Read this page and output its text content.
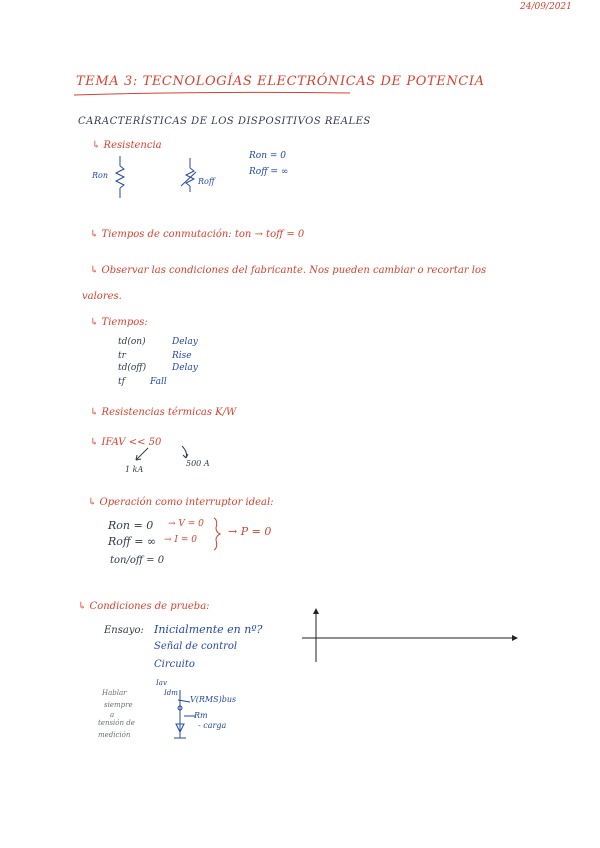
24/09/2021
TEMA 3: TECNOLOGÍAS ELECTRÓNICAS DE POTENCIA
CARACTERÍSTICAS DE LOS DISPOSITIVOS REALES
↳ Resistencia
Ron
Roff
Ron = 0
Roff = ∞
↳ Tiempos de conmutación: ton → toff = 0
↳ Observar las condiciones del fabricante. Nos pueden cambiar o recortar los
valores.
↳ Tiempos:
td(on)	Delay
tr	Rise
td(off)	Delay
tf	Fall
↳ Resistencias térmicas K/W
↳ IFAV << 50
1 kA
500 A
↳ Operación como interruptor ideal:
Ron = 0 → V = 0
Roff = ∞ → I = 0
→ P = 0
ton/off = 0
↳ Condiciones de prueba:
Ensayo: Inicialmente en nº?
Señal de control
Circuito
Iav
Idm
V(RMS)bus
Rm
- carga
Hablar
siempre
a
tensión de
medición
